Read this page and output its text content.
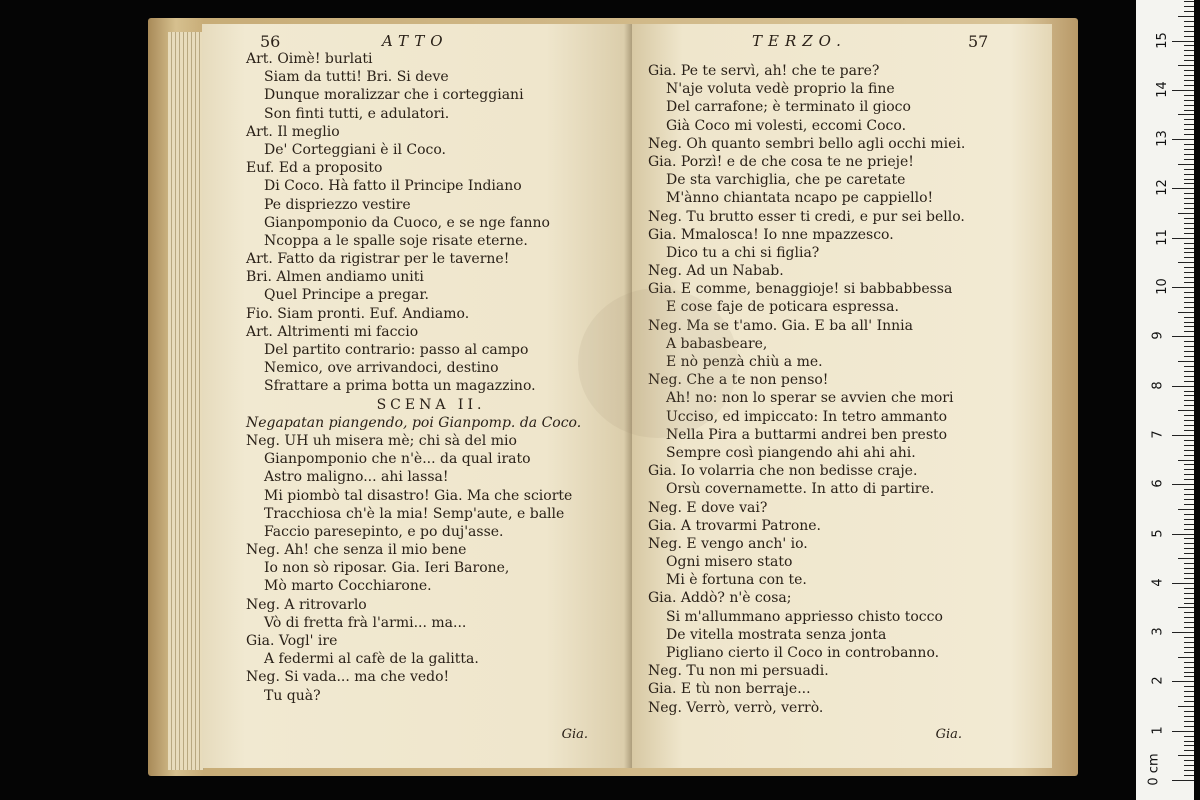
56	ATTO
Art. Oimè! burlati
Siam da tutti! Bri. Si deve
Dunque moralizzar che i corteggiani
Son finti tutti, e adulatori.
Art. Il meglio
De' Corteggiani è il Coco.
Euf. Ed a proposito
Di Coco. Hà fatto il Principe Indiano
Pe dispriezzo vestire
Gianpomponio da Cuoco, e se nge fanno
Ncoppa a le spalle soje risate eterne.
Art. Fatto da rigistrar per le taverne!
Bri. Almen andiamo uniti
Quel Principe a pregar.
Fio. Siam pronti. Euf. Andiamo.
Art. Altrimenti mi faccio
Del partito contrario: passo al campo
Nemico, ove arrivandoci, destino
Sfrattare a prima botta un magazzino.
SCENA II.
Negapatan piangendo, poi Gianpomp. da Coco.
Neg. UH uh misera mè; chi sà del mio
Gianpomponio che n'è... da qual irato
Astro maligno... ahi lassa!
Mi piombò tal disastro! Gia. Ma che sciorte
Tracchiosa ch'è la mia! Semp'aute, e balle
Faccio paresepinto, e po duj'asse.
Neg. Ah! che senza il mio bene
Io non sò riposar. Gia. Ieri Barone,
Mò marto Cocchiarone.
Neg. A ritrovarlo
Vò di fretta frà l'armi... ma...
Gia. Vogl' ire
A federmi al cafè de la galitta.
Neg. Si vada... ma che vedo!
Tu quà?
Gia.
TERZO.	57
Gia. Pe te servì, ah! che te pare?
N'aje voluta vedè proprio la fine
Del carrafone; è terminato il gioco
Già Coco mi volesti, eccomi Coco.
Neg. Oh quanto sembri bello agli occhi miei.
Gia. Porzì! e de che cosa te ne prieje!
De sta varchiglia, che pe caretate
M'ànno chiantata ncapo pe cappiello!
Neg. Tu brutto esser ti credi, e pur sei bello.
Gia. Mmalosca! Io nne mpazzesco.
Dico tu a chi si figlia?
Neg. Ad un Nabab.
Gia. E comme, benaggioje! si babbabbessa
E cose faje de poticara espressa.
Neg. Ma se t'amo. Gia. E ba all' Innia
A babasbeare,
E nò penzà chiù a me.
Neg. Che a te non penso!
Ah! no: non lo sperar se avvien che mori
Ucciso, ed impiccato: In tetro ammanto
Nella Pira a buttarmi andrei ben presto
Sempre così piangendo ahi ahi ahi.
Gia. Io volarria che non bedisse craje.
Orsù covernamette. In atto di partire.
Neg. E dove vai?
Gia. A trovarmi Patrone.
Neg. E vengo anch' io.
Ogni misero stato
Mi è fortuna con te.
Gia. Addò? n'è cosa;
Si m'allummano appriesso chisto tocco
De vitella mostrata senza jonta
Pigliano cierto il Coco in controbanno.
Neg. Tu non mi persuadi.
Gia. E tù non berraje...
Neg. Verrò, verrò, verrò.
Gia.
0 cm
1
2
3
4
5
6
7
8
9
10
11
12
13
14
15
